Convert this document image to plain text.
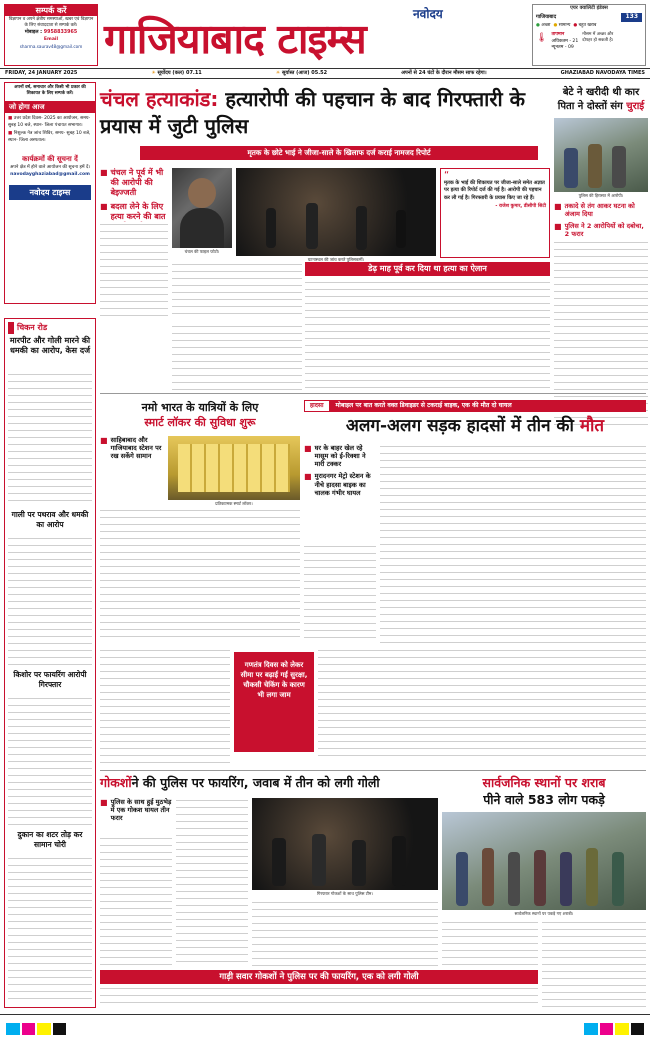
सम्पर्क करें
विज्ञापन व अपने क्षेत्रीय समस्याओं, खबर एवं विज्ञापन के लिए संवाददाता से सम्पर्क करें।
मोबाइल : 9958833965
Email
sharma.saurav48@gmail.com
नवोदय
गाजियाबाद टाइम्स
एयर क्वालिटी इंडेक्स
गाजियाबाद	133
● अच्छा ● सामान्य ● बहुत खराब
🌡 तापमान
अधिकतम - 21
न्यूनतम - 09
मौसम में अच्छा और दोपहर हो सकती है।
FRIDAY, 24 JANUARY 2025	☀ सूर्योदय (कल) 07.11	☀ सूर्यास्त (आज) 05.52	अपनों से 24 घंटों के दौरान मौसम साफ रहेगा।	GHAZIABAD NAVODAYA TIMES
अपनों वर्ष, समाचार और किसी भी प्रकार की शिकायत के लिए सम्पर्क करें।
जो होगा आज
■ उत्तर प्रदेश दिवस- 2025 का आयोजन, समय- सुबह 10 बजे, स्थान- जिला पंचायत सभागार।
■ निशुल्क नेत्र जांच शिविर, समय- सुबह 10 बजे, स्थान- जिला अस्पताल।
कार्यक्रमों की सूचना दें
अपने क्षेत्र में होने वाले आयोजन की सूचना हमें दें।
navodayghaziabad@gmail.com
नवोदय टाइम्स
चंचल हत्याकांड: हत्यारोपी की पहचान के बाद गिरफ्तारी के प्रयास में जुटी पुलिस
मृतक के छोटे भाई ने जीजा-साले के खिलाफ दर्ज कराई नामजद रिपोर्ट
■ चंचल ने पूर्व में भी की आरोपी की बेइज्जती
■ बदला लेने के लिए हत्या करने की बात
चंचल की फाइल फोटो।
घटनास्थल की जांच करते पुलिसकर्मी।
“
मृतक के भाई की शिकायत पर जीजा-साले समेत अज्ञात पर हत्या की रिपोर्ट दर्ज की गई है। आरोपी की पहचान कर ली गई है। गिरफ्तारी के प्रयास किए जा रहे हैं।
- राजेश कुमार, डीसीपी सिटी
डेढ़ माह पूर्व कर दिया था हत्या का ऐलान
बेटे ने खरीदी थी कार
पिता ने दोस्तों संग चुराई
पुलिस की हिरासत में आरोपी।
■ तकादे से तंग आकर घटना को अंजाम दिया
■ पुलिस ने 2 आरोपियों को दबोचा, 2 फरार
चिकन रोड
मारपीट और गोली मारने की धमकी का आरोप, केस दर्ज
गाली पर पथराव और धमकी का आरोप
किशोर पर फायरिंग आरोपी गिरफ्तार
दुकान का शटर तोड़ कर सामान चोरी
नमो भारत के यात्रियों के लिए
स्मार्ट लॉकर की सुविधा शुरू
■ साहिबाबाद और गाजियाबाद स्टेशन पर रख सकेंगे सामान
प्रतिकात्मक स्मार्ट लॉकर।
हादसा	मोबाइल पर बात करते वक्त डिवाइडर से टकराई बाइक, एक की मौत दो घायल
अलग-अलग सड़क हादसों में तीन की मौत
■ घर के बाहर खेल रहे मासूम को ई-रिक्शा ने मारी टक्कर
■ मुरादनगर मेट्रो स्टेशन के नीचे हादसा बाइक का चालक गंभीर घायल
गणतंत्र दिवस को लेकर सीमा पर बढ़ाई गई सुरक्षा, चौकसी चेकिंग के कारण भी लगा जाम
गोकशोंने की पुलिस पर फायरिंग, जवाब में तीन को लगी गोली
■ पुलिस के साथ हुई मुठभेड़ में एक गोकश घायल तीन फरार
गिरफ्तार गोकशों के साथ पुलिस टीम।
गाड़ी सवार गोकशों ने पुलिस पर की फायरिंग, एक को लगी गोली
सार्वजनिक स्थानों पर शराब
पीने वाले 583 लोग पकड़े
सार्वजनिक स्थानों पर पकड़े गए शराबी।
